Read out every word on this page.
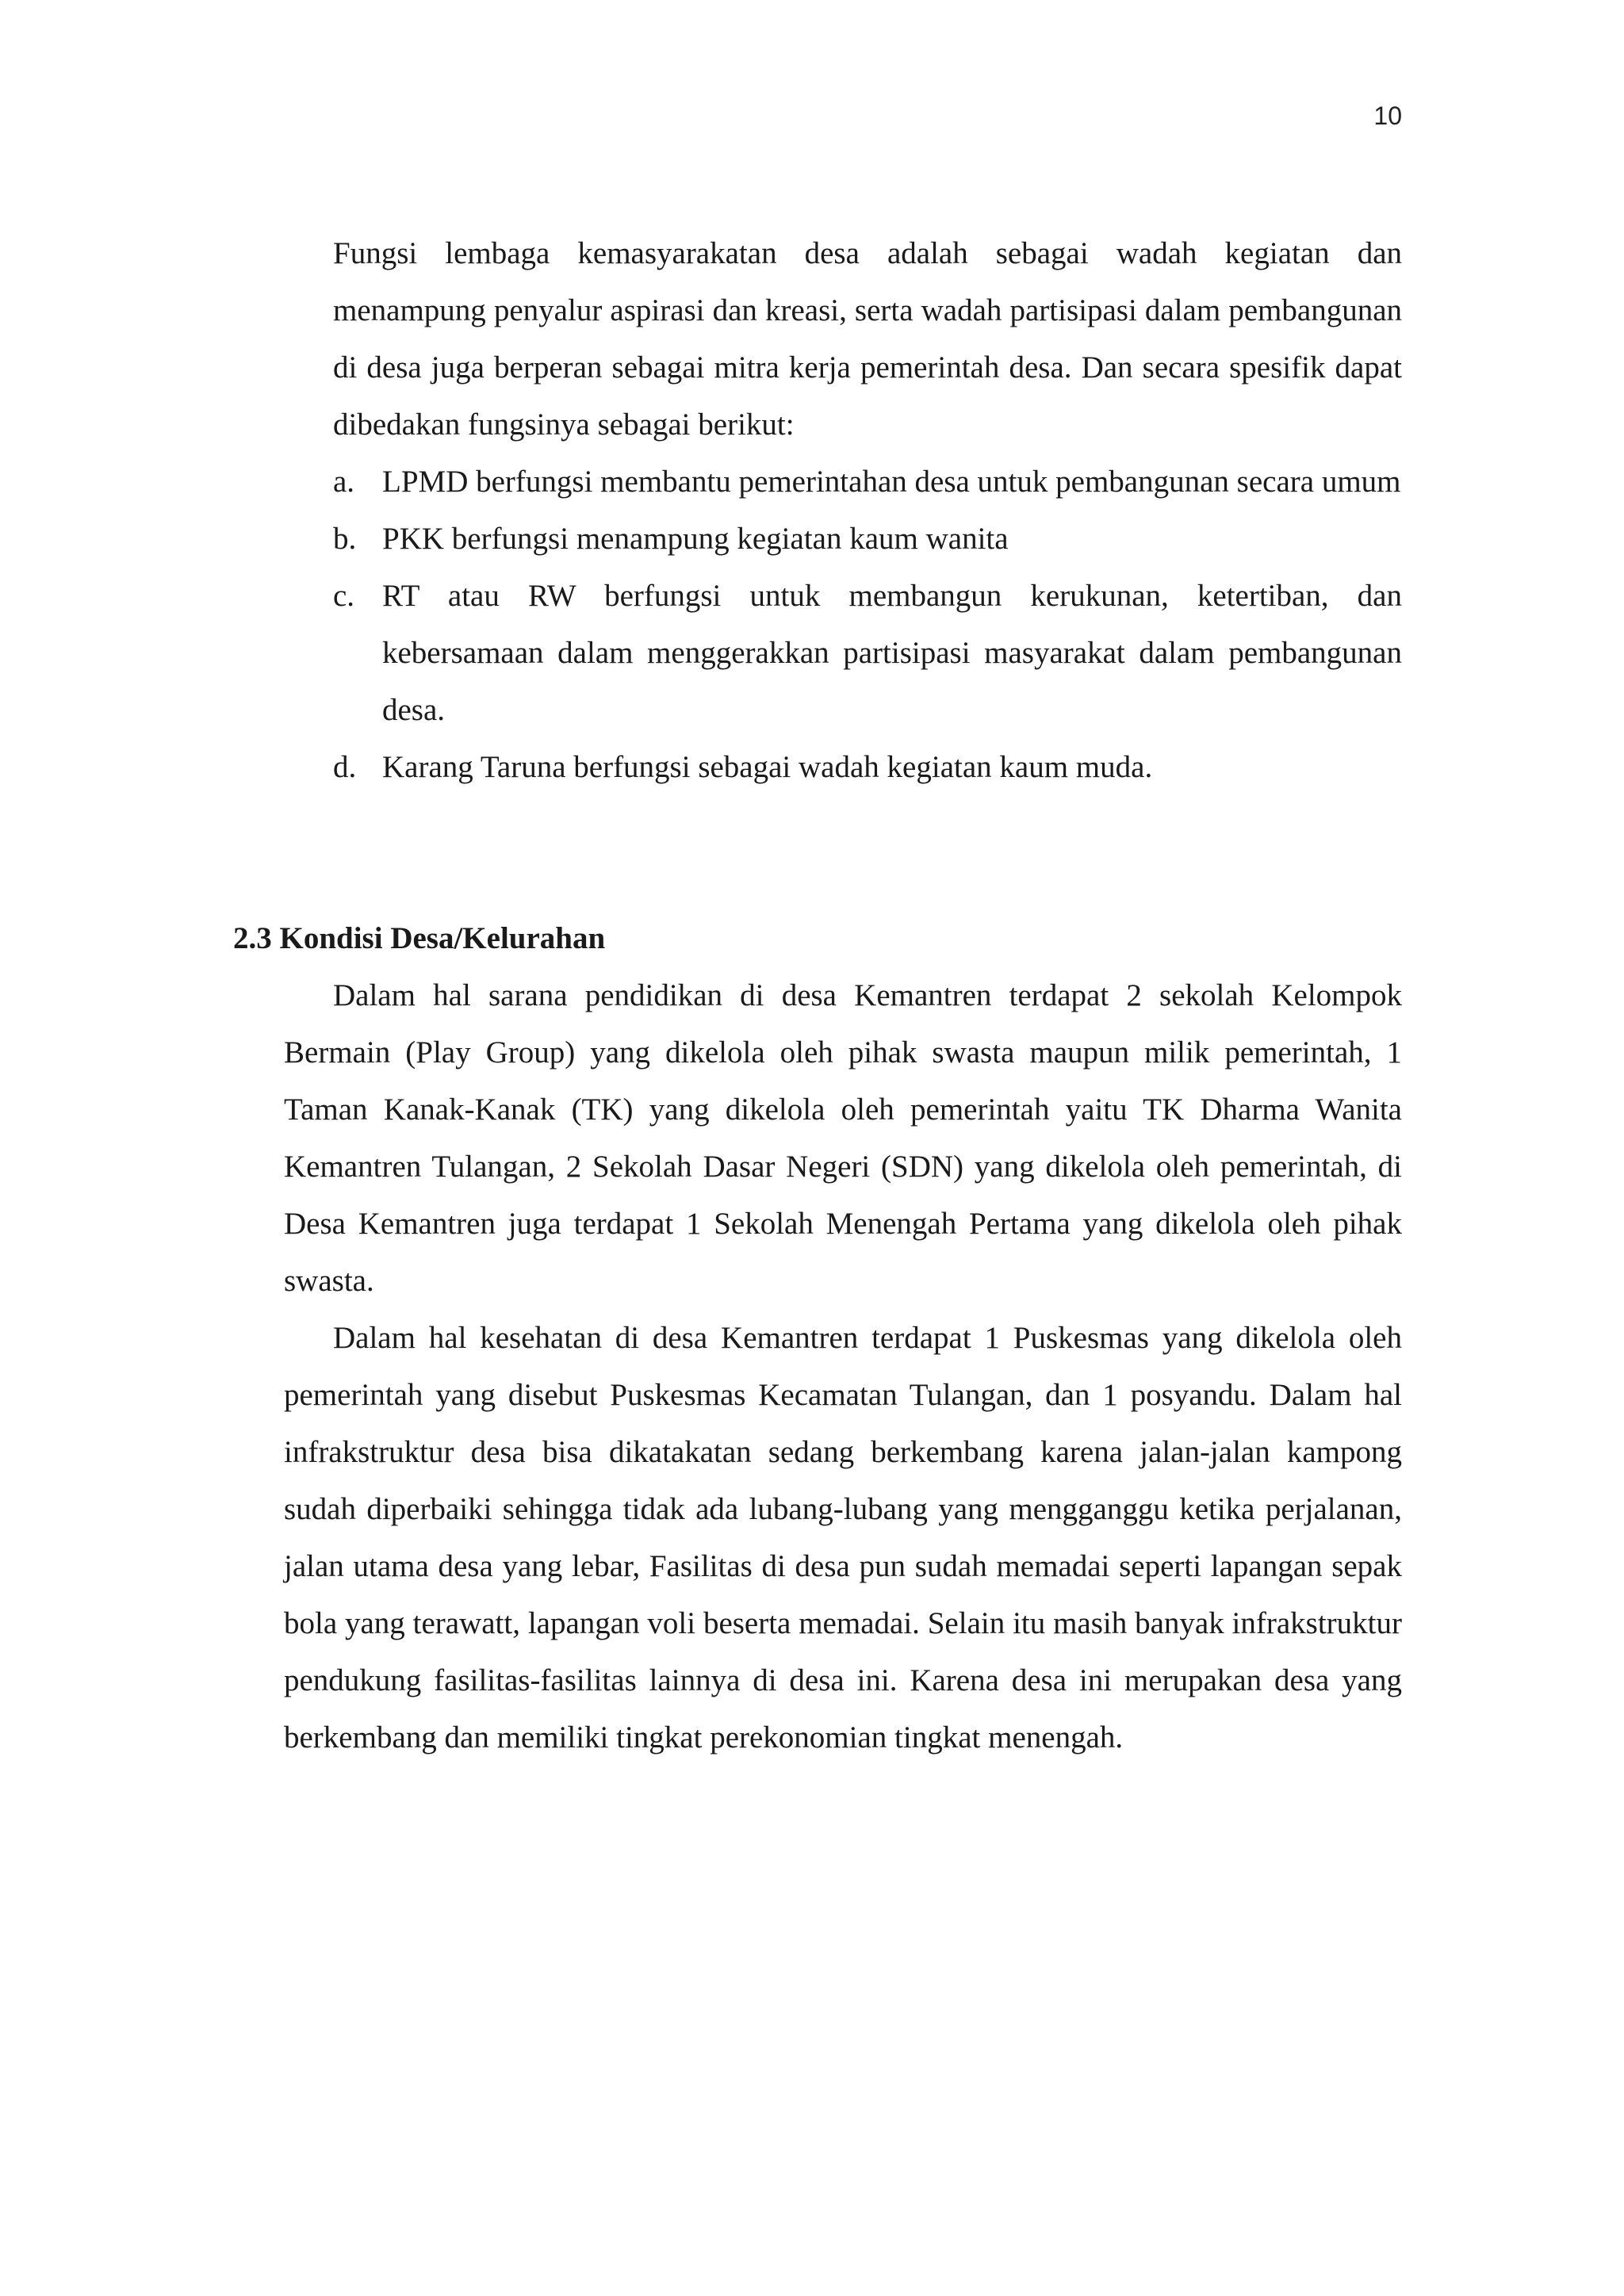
10

Fungsi lembaga kemasyarakatan desa adalah sebagai wadah kegiatan dan menampung penyalur aspirasi dan kreasi, serta wadah partisipasi dalam pembangunan di desa juga berperan sebagai mitra kerja pemerintah desa. Dan secara spesifik dapat dibedakan fungsinya sebagai berikut:

a. LPMD berfungsi membantu pemerintahan desa untuk pembangunan secara umum
b. PKK berfungsi menampung kegiatan kaum wanita
c. RT atau RW berfungsi untuk membangun kerukunan, ketertiban, dan kebersamaan dalam menggerakkan partisipasi masyarakat dalam pembangunan desa.
d. Karang Taruna berfungsi sebagai wadah kegiatan kaum muda.
2.3 Kondisi Desa/Kelurahan

Dalam hal sarana pendidikan di desa Kemantren terdapat 2 sekolah Kelompok Bermain (Play Group) yang dikelola oleh pihak swasta maupun milik pemerintah, 1 Taman Kanak-Kanak (TK) yang dikelola oleh pemerintah yaitu TK Dharma Wanita Kemantren Tulangan, 2 Sekolah Dasar Negeri (SDN) yang dikelola oleh pemerintah, di Desa Kemantren juga terdapat 1 Sekolah Menengah Pertama yang dikelola oleh pihak swasta.

Dalam hal kesehatan di desa Kemantren terdapat 1 Puskesmas yang dikelola oleh pemerintah yang disebut Puskesmas Kecamatan Tulangan, dan 1 posyandu. Dalam hal infrakstruktur desa bisa dikatakatan sedang berkembang karena jalan-jalan kampong sudah diperbaiki sehingga tidak ada lubang-lubang yang mengganggu ketika perjalanan, jalan utama desa yang lebar, Fasilitas di desa pun sudah memadai seperti lapangan sepak bola yang terawatt, lapangan voli beserta memadai. Selain itu masih banyak infrakstruktur pendukung fasilitas-fasilitas lainnya di desa ini. Karena desa ini merupakan desa yang berkembang dan memiliki tingkat perekonomian tingkat menengah.
